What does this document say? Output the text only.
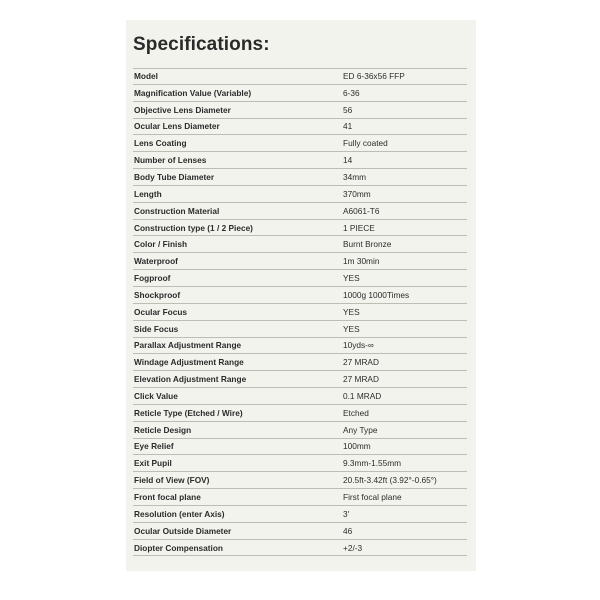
Specifications:
Model	ED 6-36x56 FFP
Magnification Value (Variable)	6-36
Objective Lens Diameter	56
Ocular Lens Diameter	41
Lens Coating	Fully coated
Number of Lenses	14
Body Tube Diameter	34mm
Length	370mm
Construction Material	A6061-T6
Construction type (1 / 2 Piece)	1 PIECE
Color / Finish	Burnt Bronze
Waterproof	1m 30min
Fogproof	YES
Shockproof	1000g 1000Times
Ocular Focus	YES
Side Focus	YES
Parallax Adjustment Range	10yds-∞
Windage Adjustment Range	27 MRAD
Elevation Adjustment Range	27 MRAD
Click Value	0.1 MRAD
Reticle Type (Etched / Wire)	Etched
Reticle Design	Any Type
Eye Relief	100mm
Exit Pupil	9.3mm-1.55mm
Field of View (FOV)	20.5ft-3.42ft (3.92°-0.65°)
Front focal plane	First focal plane
Resolution (enter Axis)	3'
Ocular Outside Diameter	46
Diopter Compensation	+2/-3
